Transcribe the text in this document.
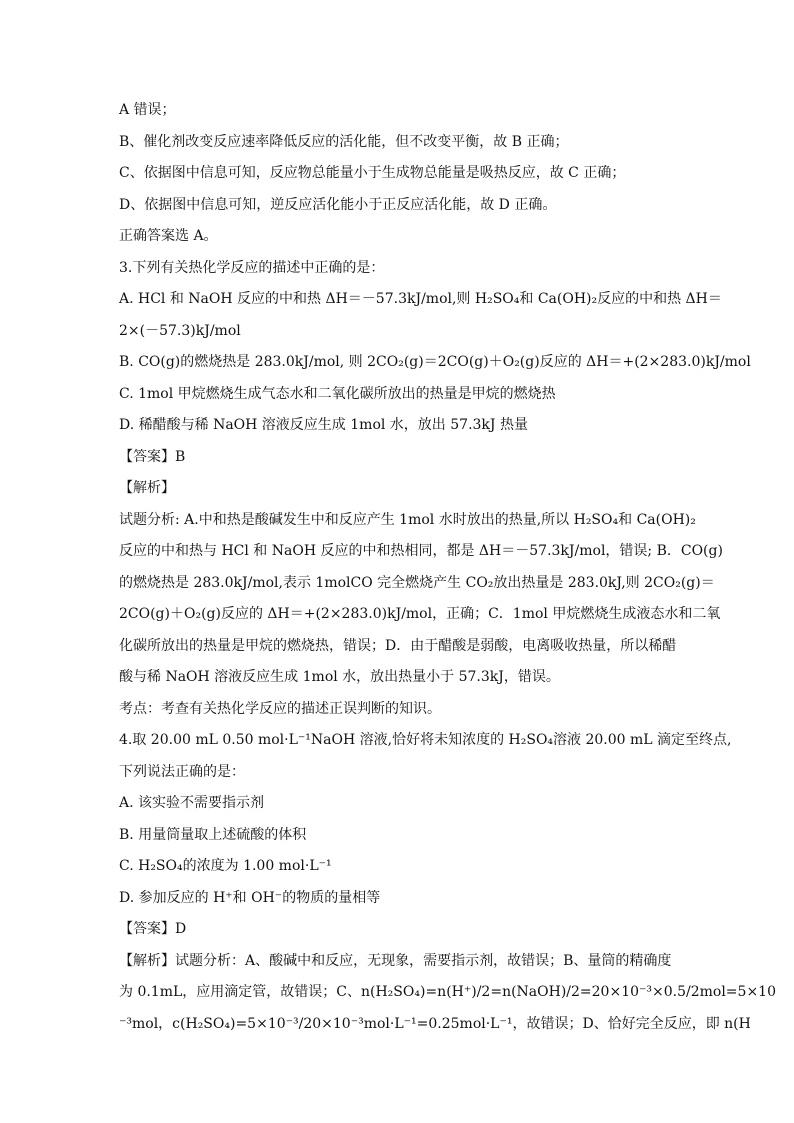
A 错误；
B、催化剂改变反应速率降低反应的活化能，但不改变平衡，故 B 正确；
C、依据图中信息可知，反应物总能量小于生成物总能量是吸热反应，故 C 正确；
D、依据图中信息可知，逆反应活化能小于正反应活化能，故 D 正确。
正确答案选 A。
3.下列有关热化学反应的描述中正确的是：
A. HCl 和 NaOH 反应的中和热 ΔH＝－57.3kJ/mol,则 H₂SO₄和 Ca(OH)₂反应的中和热 ΔH＝
2×(－57.3)kJ/mol
B. CO(g)的燃烧热是 283.0kJ/mol, 则 2CO₂(g)＝2CO(g)＋O₂(g)反应的 ΔH＝+(2×283.0)kJ/mol
C. 1mol 甲烷燃烧生成气态水和二氧化碳所放出的热量是甲烷的燃烧热
D. 稀醋酸与稀 NaOH 溶液反应生成 1mol 水，放出 57.3kJ 热量
【答案】B
【解析】
试题分析: A.中和热是酸碱发生中和反应产生 1mol 水时放出的热量,所以 H₂SO₄和 Ca(OH)₂
反应的中和热与 HCl 和 NaOH 反应的中和热相同，都是 ΔH＝－57.3kJ/mol，错误; B．CO(g)
的燃烧热是 283.0kJ/mol,表示 1molCO 完全燃烧产生 CO₂放出热量是 283.0kJ,则 2CO₂(g)＝
2CO(g)＋O₂(g)反应的 ΔH＝+(2×283.0)kJ/mol，正确；C．1mol 甲烷燃烧生成液态水和二氧
化碳所放出的热量是甲烷的燃烧热，错误；D．由于醋酸是弱酸，电离吸收热量，所以稀醋
酸与稀 NaOH 溶液反应生成 1mol 水，放出热量小于 57.3kJ，错误。
考点：考查有关热化学反应的描述正误判断的知识。
4.取 20.00 mL 0.50 mol·L⁻¹NaOH 溶液,恰好将未知浓度的 H₂SO₄溶液 20.00 mL 滴定至终点,
下列说法正确的是：
A. 该实验不需要指示剂
B. 用量筒量取上述硫酸的体积
C. H₂SO₄的浓度为 1.00 mol·L⁻¹
D. 参加反应的 H⁺和 OH⁻的物质的量相等
【答案】D
【解析】试题分析：A、酸碱中和反应，无现象，需要指示剂，故错误；B、量筒的精确度
为 0.1mL，应用滴定管，故错误；C、n(H₂SO₄)=n(H⁺)/2=n(NaOH)/2=20×10⁻³×0.5/2mol=5×10
⁻³mol，c(H₂SO₄)=5×10⁻³/20×10⁻³mol·L⁻¹=0.25mol·L⁻¹，故错误；D、恰好完全反应，即 n(H
